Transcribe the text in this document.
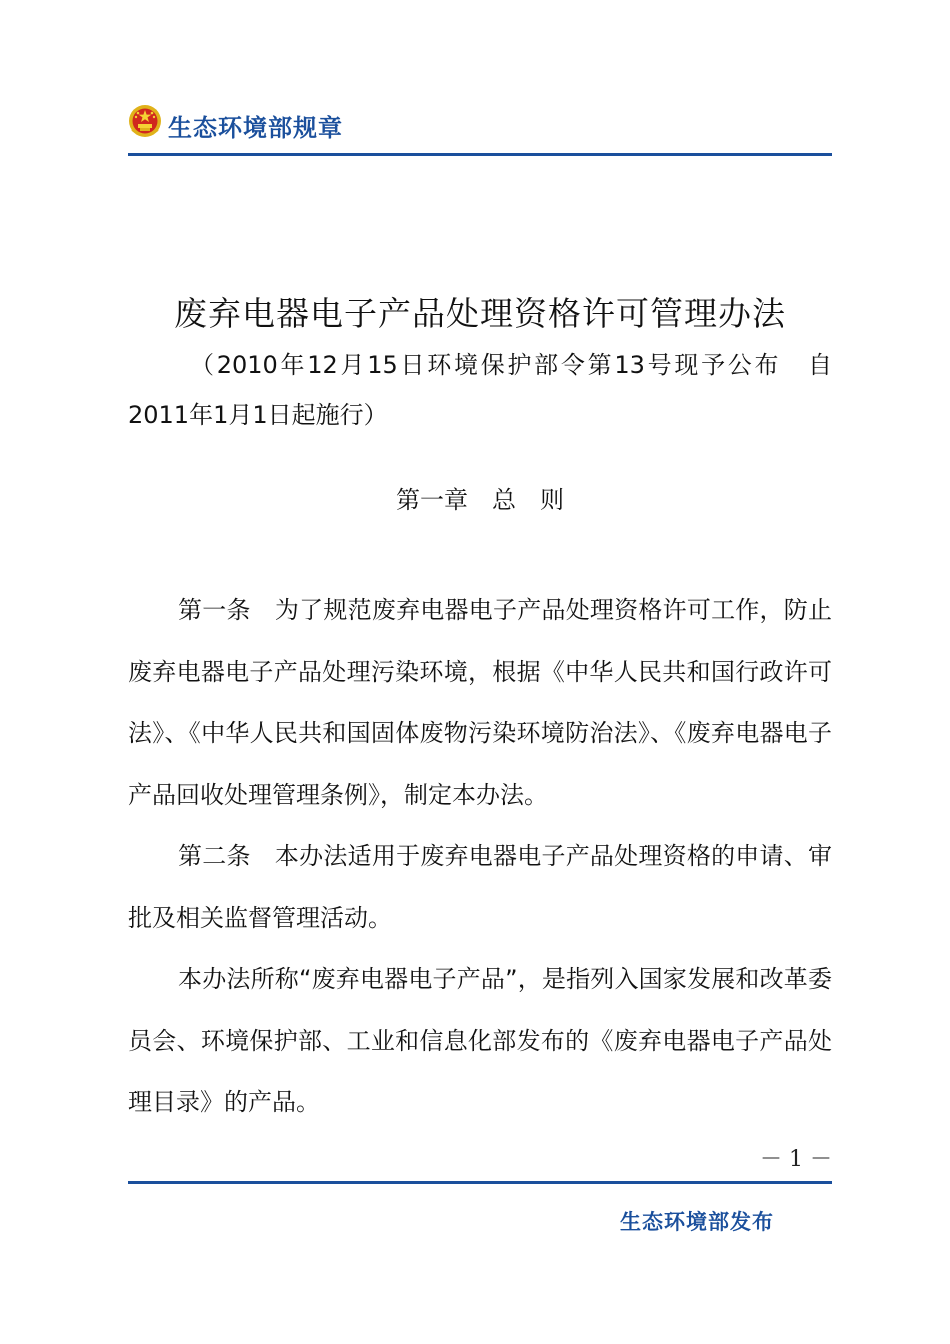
生态环境部规章
废弃电器电子产品处理资格许可管理办法
（2010年12月15日环境保护部令第13号现予公布　自2011年1月1日起施行）
第一章　总　则

第一条　为了规范废弃电器电子产品处理资格许可工作，防止废弃电器电子产品处理污染环境，根据《中华人民共和国行政许可法》、《中华人民共和国固体废物污染环境防治法》、《废弃电器电子产品回收处理管理条例》，制定本办法。

第二条　本办法适用于废弃电器电子产品处理资格的申请、审批及相关监督管理活动。

本办法所称“废弃电器电子产品”，是指列入国家发展和改革委员会、环境保护部、工业和信息化部发布的《废弃电器电子产品处理目录》的产品。

－ 1 －
生态环境部发布
